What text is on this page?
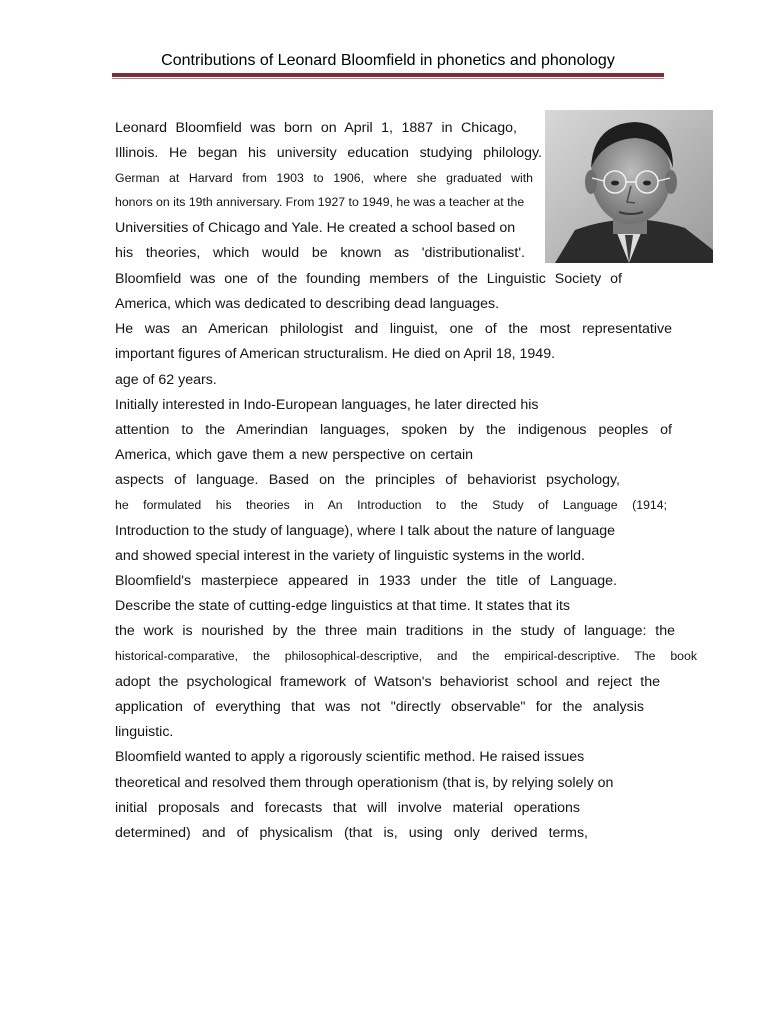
Contributions of Leonard Bloomfield in phonetics and phonology
Leonard Bloomfield was born on April 1, 1887 in Chicago,
Illinois. He began his university education studying philology.
German at Harvard from 1903 to 1906, where she graduated with
honors on its 19th anniversary. From 1927 to 1949, he was a teacher at the
Universities of Chicago and Yale. He created a school based on
his theories, which would be known as 'distributionalist'.
Bloomfield was one of the founding members of the Linguistic Society of
America, which was dedicated to describing dead languages.
He was an American philologist and linguist, one of the most representative
important figures of American structuralism. He died on April 18, 1949.
age of 62 years.
Initially interested in Indo-European languages, he later directed his
attention to the Amerindian languages, spoken by the indigenous peoples of
America, which gave them a new perspective on certain
aspects of language. Based on the principles of behaviorist psychology,
he formulated his theories in An Introduction to the Study of Language (1914;
Introduction to the study of language), where I talk about the nature of language
and showed special interest in the variety of linguistic systems in the world.
Bloomfield's masterpiece appeared in 1933 under the title of Language.
Describe the state of cutting-edge linguistics at that time. It states that its
the work is nourished by the three main traditions in the study of language: the
historical-comparative, the philosophical-descriptive, and the empirical-descriptive. The book
adopt the psychological framework of Watson's behaviorist school and reject the
application of everything that was not "directly observable" for the analysis
linguistic.
Bloomfield wanted to apply a rigorously scientific method. He raised issues
theoretical and resolved them through operationism (that is, by relying solely on
initial proposals and forecasts that will involve material operations
determined) and of physicalism (that is, using only derived terms,
